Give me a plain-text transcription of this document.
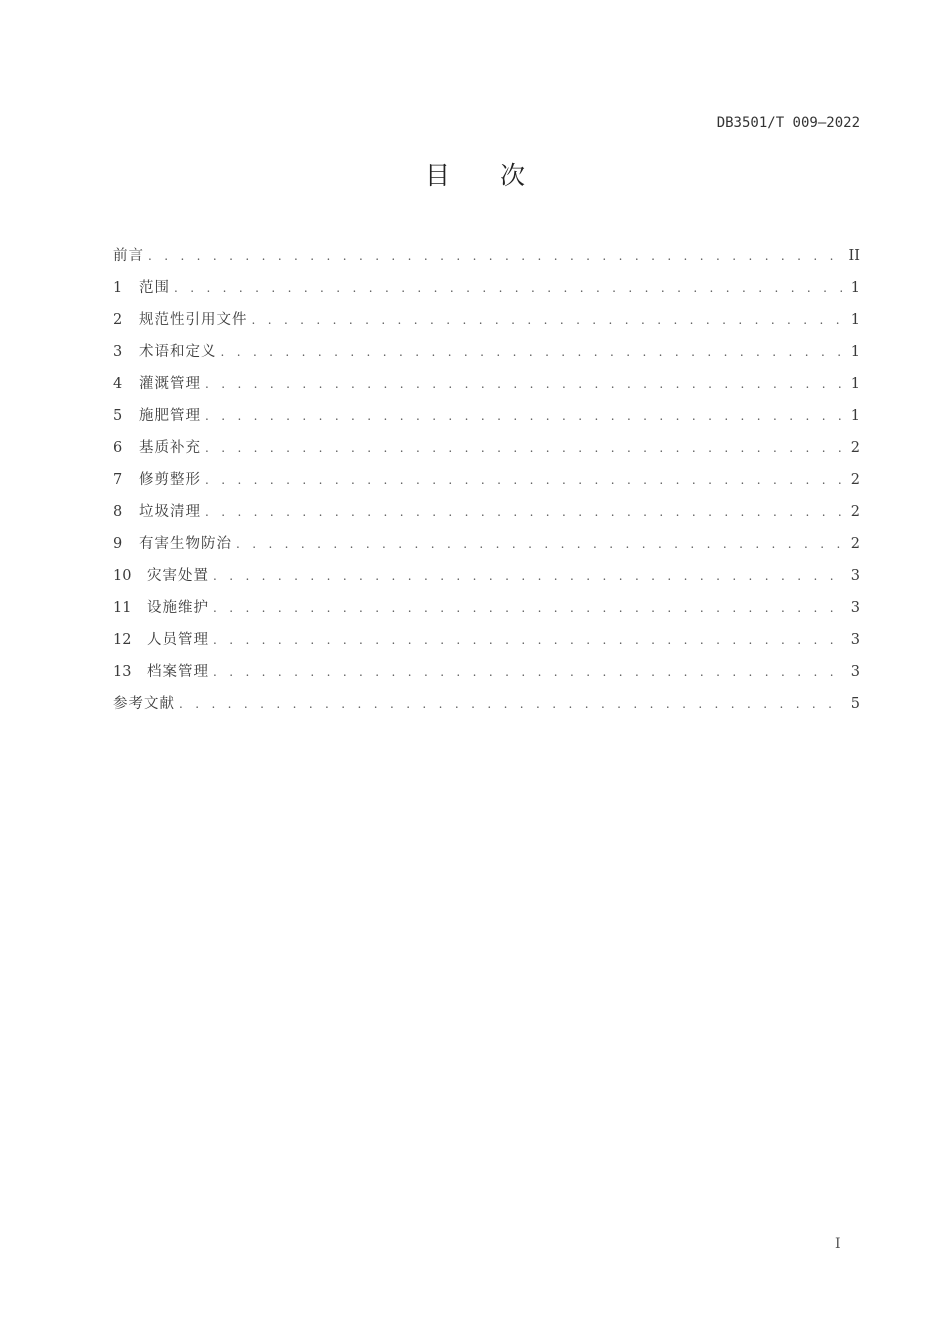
DB3501/T 009—2022
目次
前言 . . .	II
1	范围 . . .	1
2	规范性引用文件 . . .	1
3	术语和定义 . . .	1
4	灌溉管理 . . .	1
5	施肥管理 . . .	1
6	基质补充 . . .	2
7	修剪整形 . . .	2
8	垃圾清理 . . .	2
9	有害生物防治 . . .	2
10	灾害处置 . . .	3
11	设施维护 . . .	3
12	人员管理 . . .	3
13	档案管理 . . .	3
参考文献 . . .	5
I
